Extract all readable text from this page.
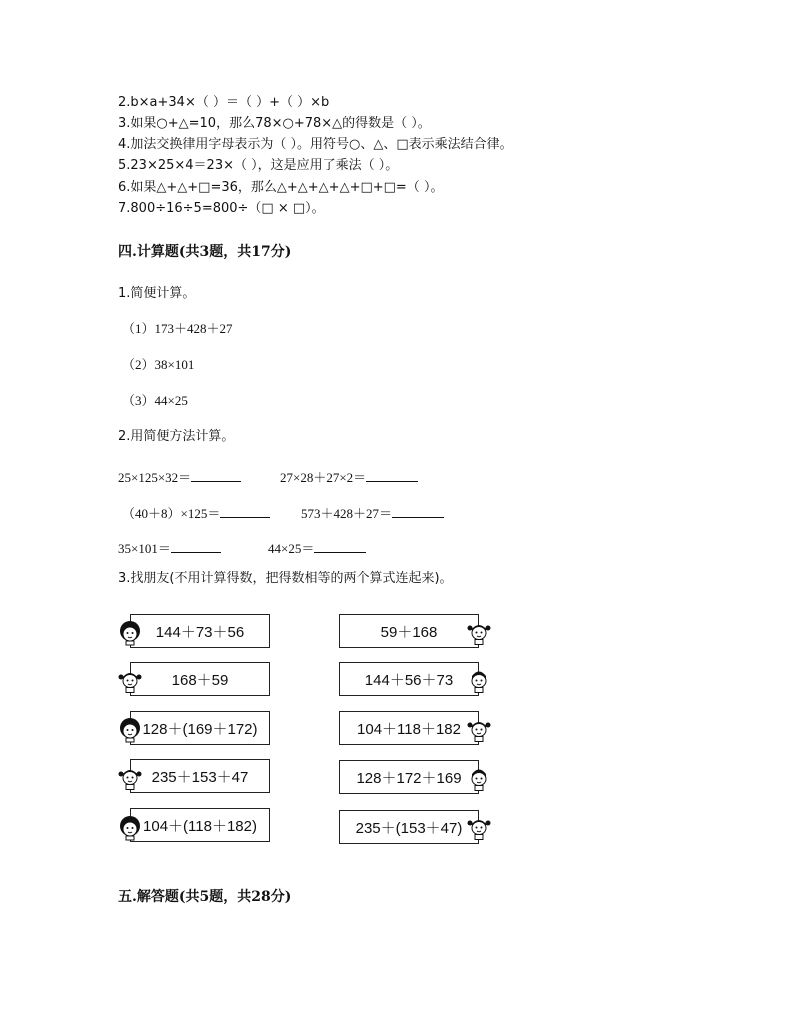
2.b×a+34×（ ）＝（ ）+（ ）×b
3.如果○+△=10，那么78×○+78×△的得数是（ ）。
4.加法交换律用字母表示为（ ）。用符号○、△、□表示乘法结合律。
5.23×25×4＝23×（ ），这是应用了乘法（ ）。
6.如果△+△+□=36，那么△+△+△+△+□+□=（ ）。
7.800÷16÷5=800÷（□ × □）。
四.计算题(共3题，共17分)
1.简便计算。
（1）173＋428＋27
（2）38×101
（3）44×25
2.用简便方法计算。
25×125×32＝	27×28＋27×2＝
（40＋8）×125＝	573＋428＋27＝
35×101＝	44×25＝
3.找朋友(不用计算得数，把得数相等的两个算式连起来)。
144＋73＋56
168＋59
128＋(169＋172)
235＋153＋47
104＋(118＋182)
59＋168
144＋56＋73
104＋118＋182
128＋172＋169
235＋(153＋47)
五.解答题(共5题，共28分)
